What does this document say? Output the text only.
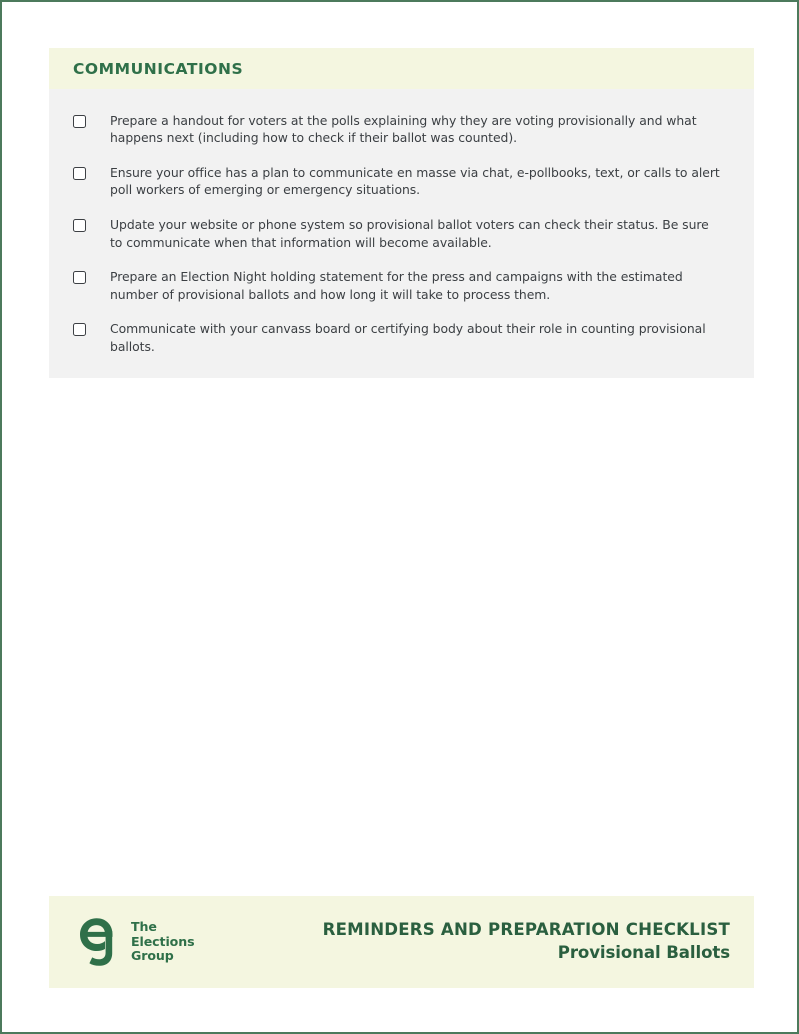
COMMUNICATIONS
Prepare a handout for voters at the polls explaining why they are voting provisionally and what happens next (including how to check if their ballot was counted).
Ensure your office has a plan to communicate en masse via chat, e-pollbooks, text, or calls to alert poll workers of emerging or emergency situations.
Update your website or phone system so provisional ballot voters can check their status. Be sure to communicate when that information will become available.
Prepare an Election Night holding statement for the press and campaigns with the estimated number of provisional ballots and how long it will take to process them.
Communicate with your canvass board or certifying body about their role in counting provisional ballots.
The
Elections
Group
REMINDERS AND PREPARATION CHECKLIST
Provisional Ballots
